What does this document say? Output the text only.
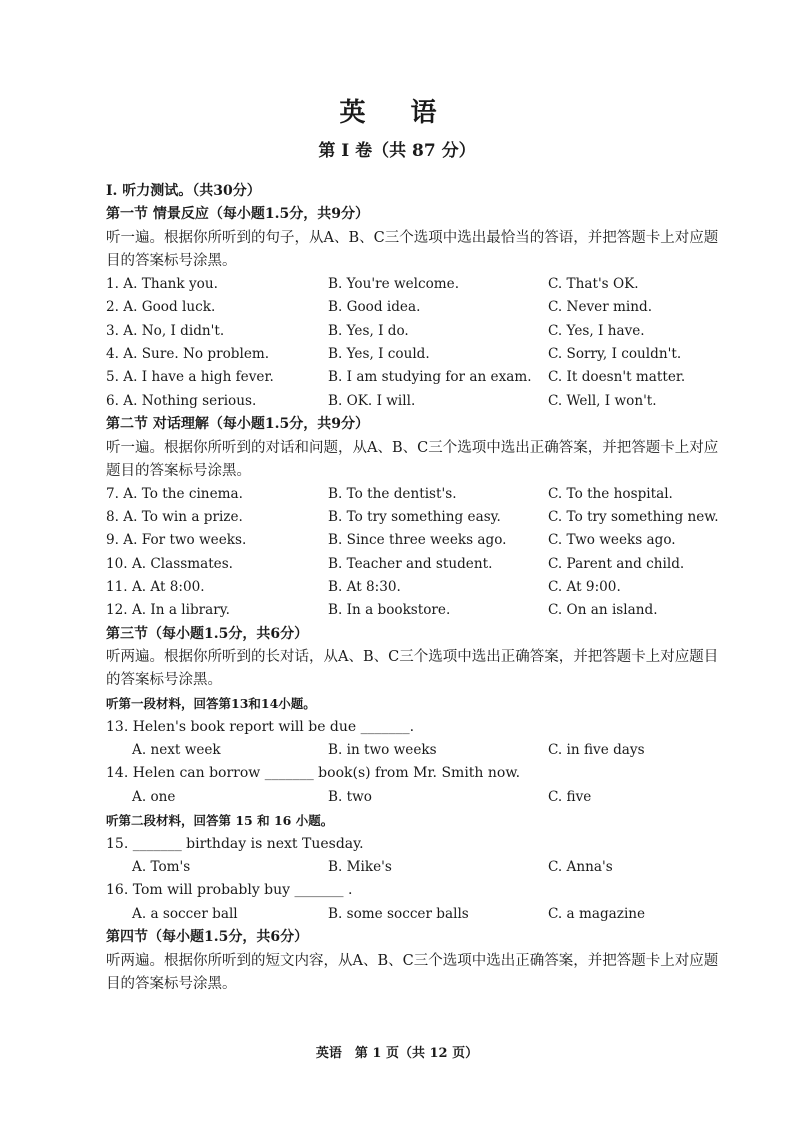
英 语
第 I 卷（共 87 分）
I. 听力测试。（共30分）
第一节 情景反应（每小题1.5分，共9分）
听一遍。根据你所听到的句子，从A、B、C三个选项中选出最恰当的答语，并把答题卡上对应题目的答案标号涂黑。
1. A. Thank you.	B. You're welcome.	C. That's OK.
2. A. Good luck.	B. Good idea.	C. Never mind.
3. A. No, I didn't.	B. Yes, I do.	C. Yes, I have.
4. A. Sure. No problem.	B. Yes, I could.	C. Sorry, I couldn't.
5. A. I have a high fever.	B. I am studying for an exam. C. It doesn't matter.
6. A. Nothing serious.	B. OK. I will.	C. Well, I won't.
第二节 对话理解（每小题1.5分，共9分）
听一遍。根据你所听到的对话和问题，从A、B、C三个选项中选出正确答案，并把答题卡上对应题目的答案标号涂黑。
7. A. To the cinema.	B. To the dentist's.	C. To the hospital.
8. A. To win a prize.	B. To try something easy.	C. To try something new.
9. A. For two weeks.	B. Since three weeks ago.	C. Two weeks ago.
10. A. Classmates.	B. Teacher and student.	C. Parent and child.
11. A. At 8:00.	B. At 8:30.	C. At 9:00.
12. A. In a library.	B. In a bookstore.	C. On an island.
第三节（每小题1.5分，共6分）
听两遍。根据你所听到的长对话，从A、B、C三个选项中选出正确答案，并把答题卡上对应题目的答案标号涂黑。
听第一段材料，回答第13和14小题。
13. Helen's book report will be due _______.
A. next week	B. in two weeks	C. in five days
14. Helen can borrow _______ book(s) from Mr. Smith now.
A. one	B. two	C. five
听第二段材料，回答第 15 和 16 小题。
15. _______ birthday is next Tuesday.
A. Tom's	B. Mike's	C. Anna's
16. Tom will probably buy _______ .
A. a soccer ball	B. some soccer balls	C. a magazine
第四节（每小题1.5分，共6分）
听两遍。根据你所听到的短文内容，从A、B、C三个选项中选出正确答案，并把答题卡上对应题目的答案标号涂黑。
英语　第 1 页（共 12 页）
